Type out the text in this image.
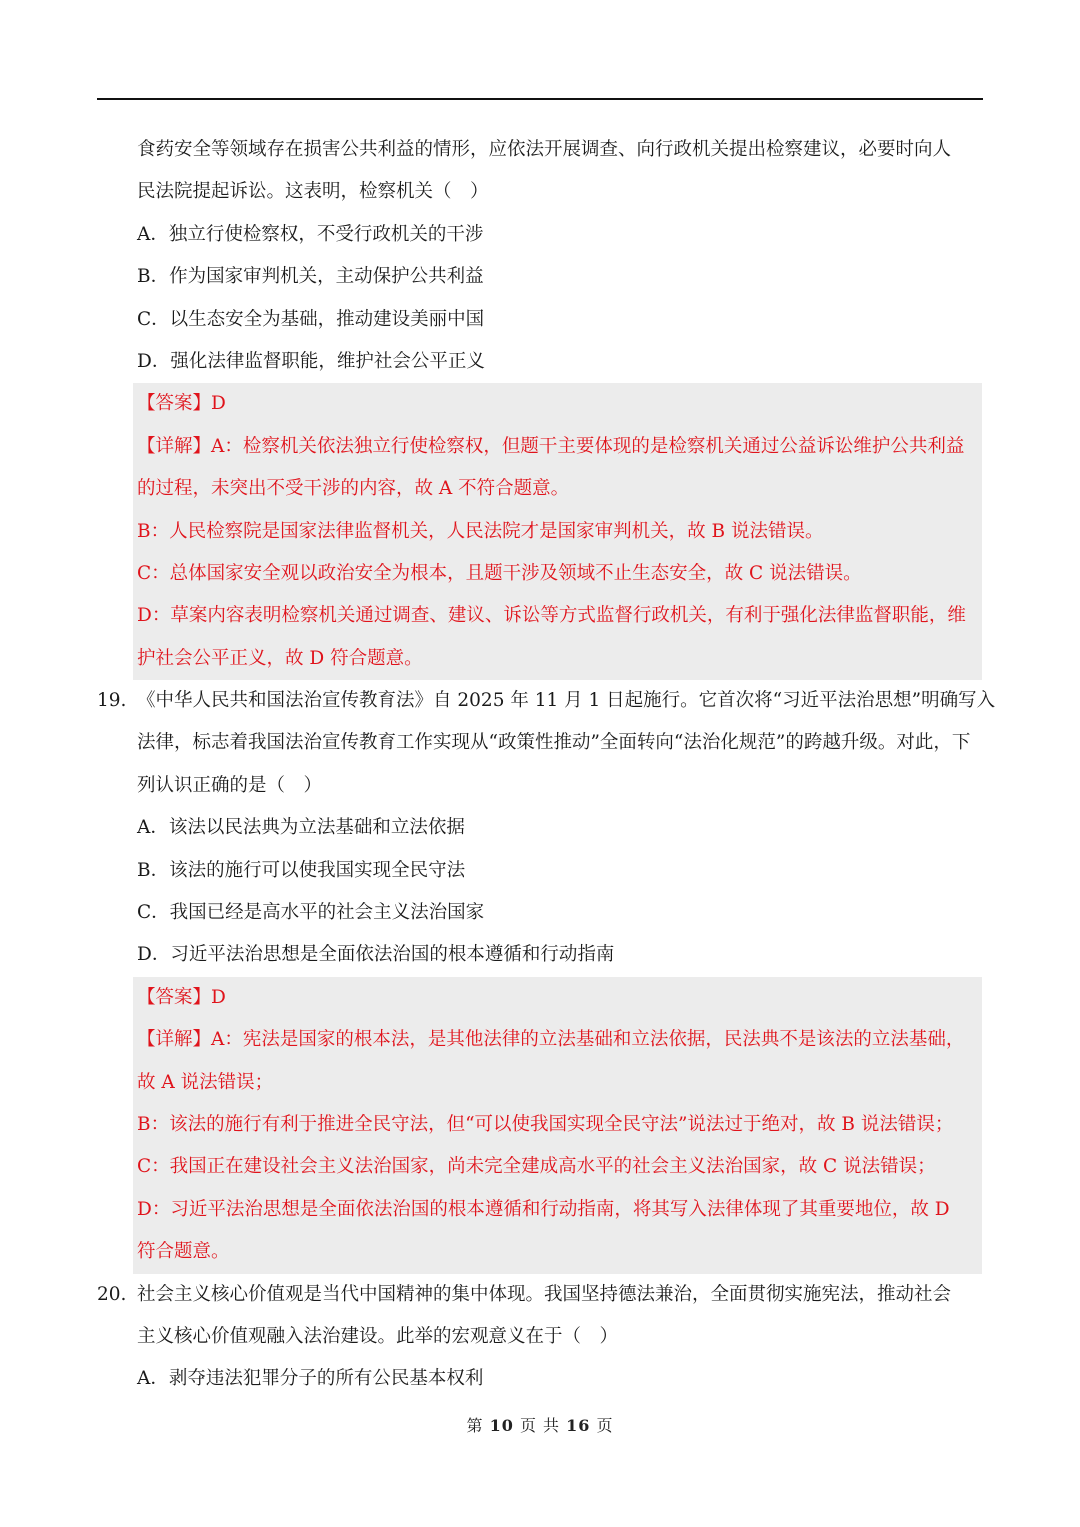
食药安全等领域存在损害公共利益的情形，应依法开展调查、向行政机关提出检察建议，必要时向人
民法院提起诉讼。这表明，检察机关（　）
A．独立行使检察权，不受行政机关的干涉
B．作为国家审判机关，主动保护公共利益
C．以生态安全为基础，推动建设美丽中国
D．强化法律监督职能，维护社会公平正义
【答案】D
【详解】A：检察机关依法独立行使检察权，但题干主要体现的是检察机关通过公益诉讼维护公共利益
的过程，未突出不受干涉的内容，故 A 不符合题意。
B：人民检察院是国家法律监督机关，人民法院才是国家审判机关，故 B 说法错误。
C：总体国家安全观以政治安全为根本，且题干涉及领域不止生态安全，故 C 说法错误。
D：草案内容表明检察机关通过调查、建议、诉讼等方式监督行政机关，有利于强化法律监督职能，维
护社会公平正义，故 D 符合题意。
19. 《中华人民共和国法治宣传教育法》自 2025 年 11 月 1 日起施行。它首次将“习近平法治思想”明确写入
法律，标志着我国法治宣传教育工作实现从“政策性推动”全面转向“法治化规范”的跨越升级。对此，下
列认识正确的是（　）
A．该法以民法典为立法基础和立法依据
B．该法的施行可以使我国实现全民守法
C．我国已经是高水平的社会主义法治国家
D．习近平法治思想是全面依法治国的根本遵循和行动指南
【答案】D
【详解】A：宪法是国家的根本法，是其他法律的立法基础和立法依据，民法典不是该法的立法基础，
故 A 说法错误；
B：该法的施行有利于推进全民守法，但“可以使我国实现全民守法”说法过于绝对，故 B 说法错误；
C：我国正在建设社会主义法治国家，尚未完全建成高水平的社会主义法治国家，故 C 说法错误；
D：习近平法治思想是全面依法治国的根本遵循和行动指南，将其写入法律体现了其重要地位，故 D
符合题意。
20. 社会主义核心价值观是当代中国精神的集中体现。我国坚持德法兼治，全面贯彻实施宪法，推动社会
主义核心价值观融入法治建设。此举的宏观意义在于（　）
A．剥夺违法犯罪分子的所有公民基本权利
第 10 页 共 16 页
